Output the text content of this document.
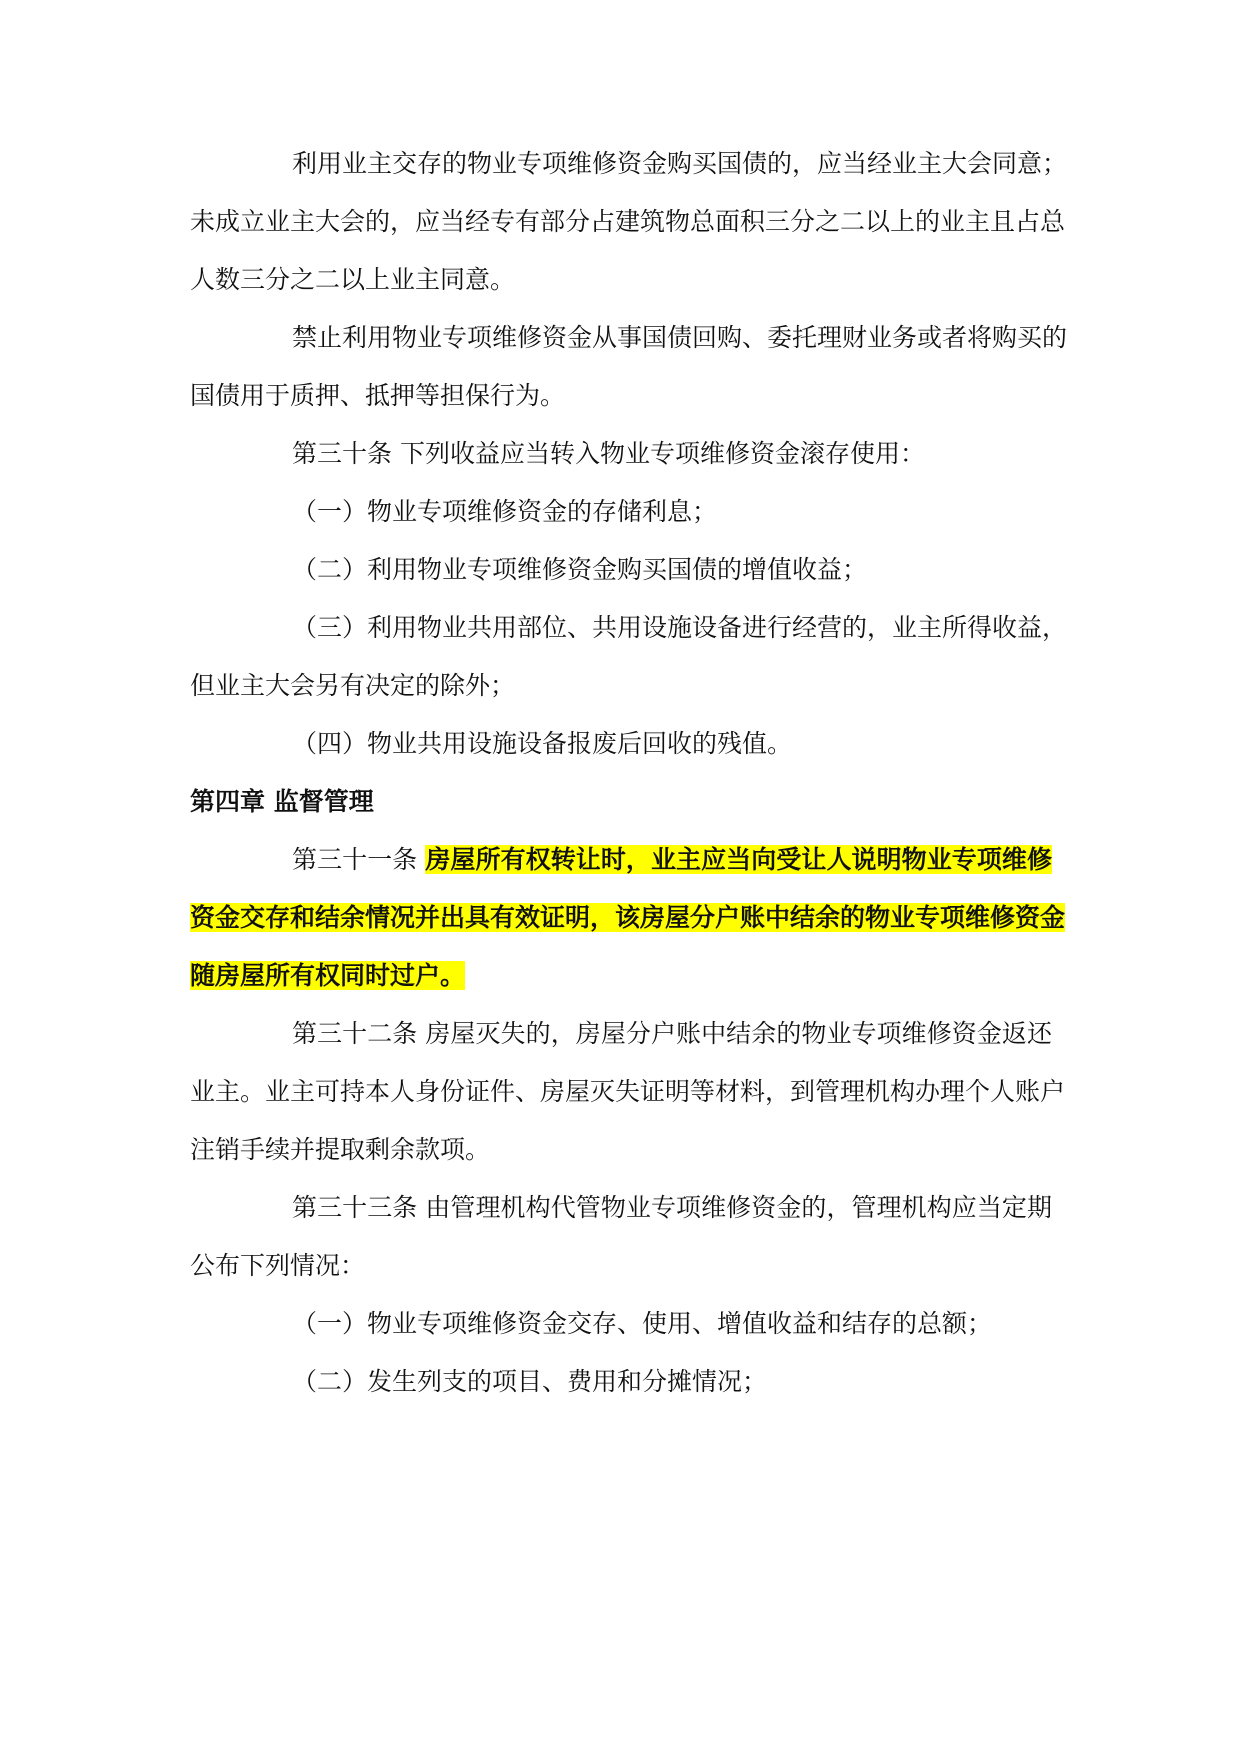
利用业主交存的物业专项维修资金购买国债的，应当经业主大会同意；
未成立业主大会的，应当经专有部分占建筑物总面积三分之二以上的业主且占总
人数三分之二以上业主同意。
禁止利用物业专项维修资金从事国债回购、委托理财业务或者将购买的
国债用于质押、抵押等担保行为。
第三十条 下列收益应当转入物业专项维修资金滚存使用：
（一）物业专项维修资金的存储利息；
（二）利用物业专项维修资金购买国债的增值收益；
（三）利用物业共用部位、共用设施设备进行经营的，业主所得收益，
但业主大会另有决定的除外；
（四）物业共用设施设备报废后回收的残值。
第四章 监督管理
第三十一条 房屋所有权转让时，业主应当向受让人说明物业专项维修
资金交存和结余情况并出具有效证明，该房屋分户账中结余的物业专项维修资金
随房屋所有权同时过户。
第三十二条 房屋灭失的，房屋分户账中结余的物业专项维修资金返还
业主。业主可持本人身份证件、房屋灭失证明等材料，到管理机构办理个人账户
注销手续并提取剩余款项。
第三十三条 由管理机构代管物业专项维修资金的，管理机构应当定期
公布下列情况：
（一）物业专项维修资金交存、使用、增值收益和结存的总额；
（二）发生列支的项目、费用和分摊情况；
